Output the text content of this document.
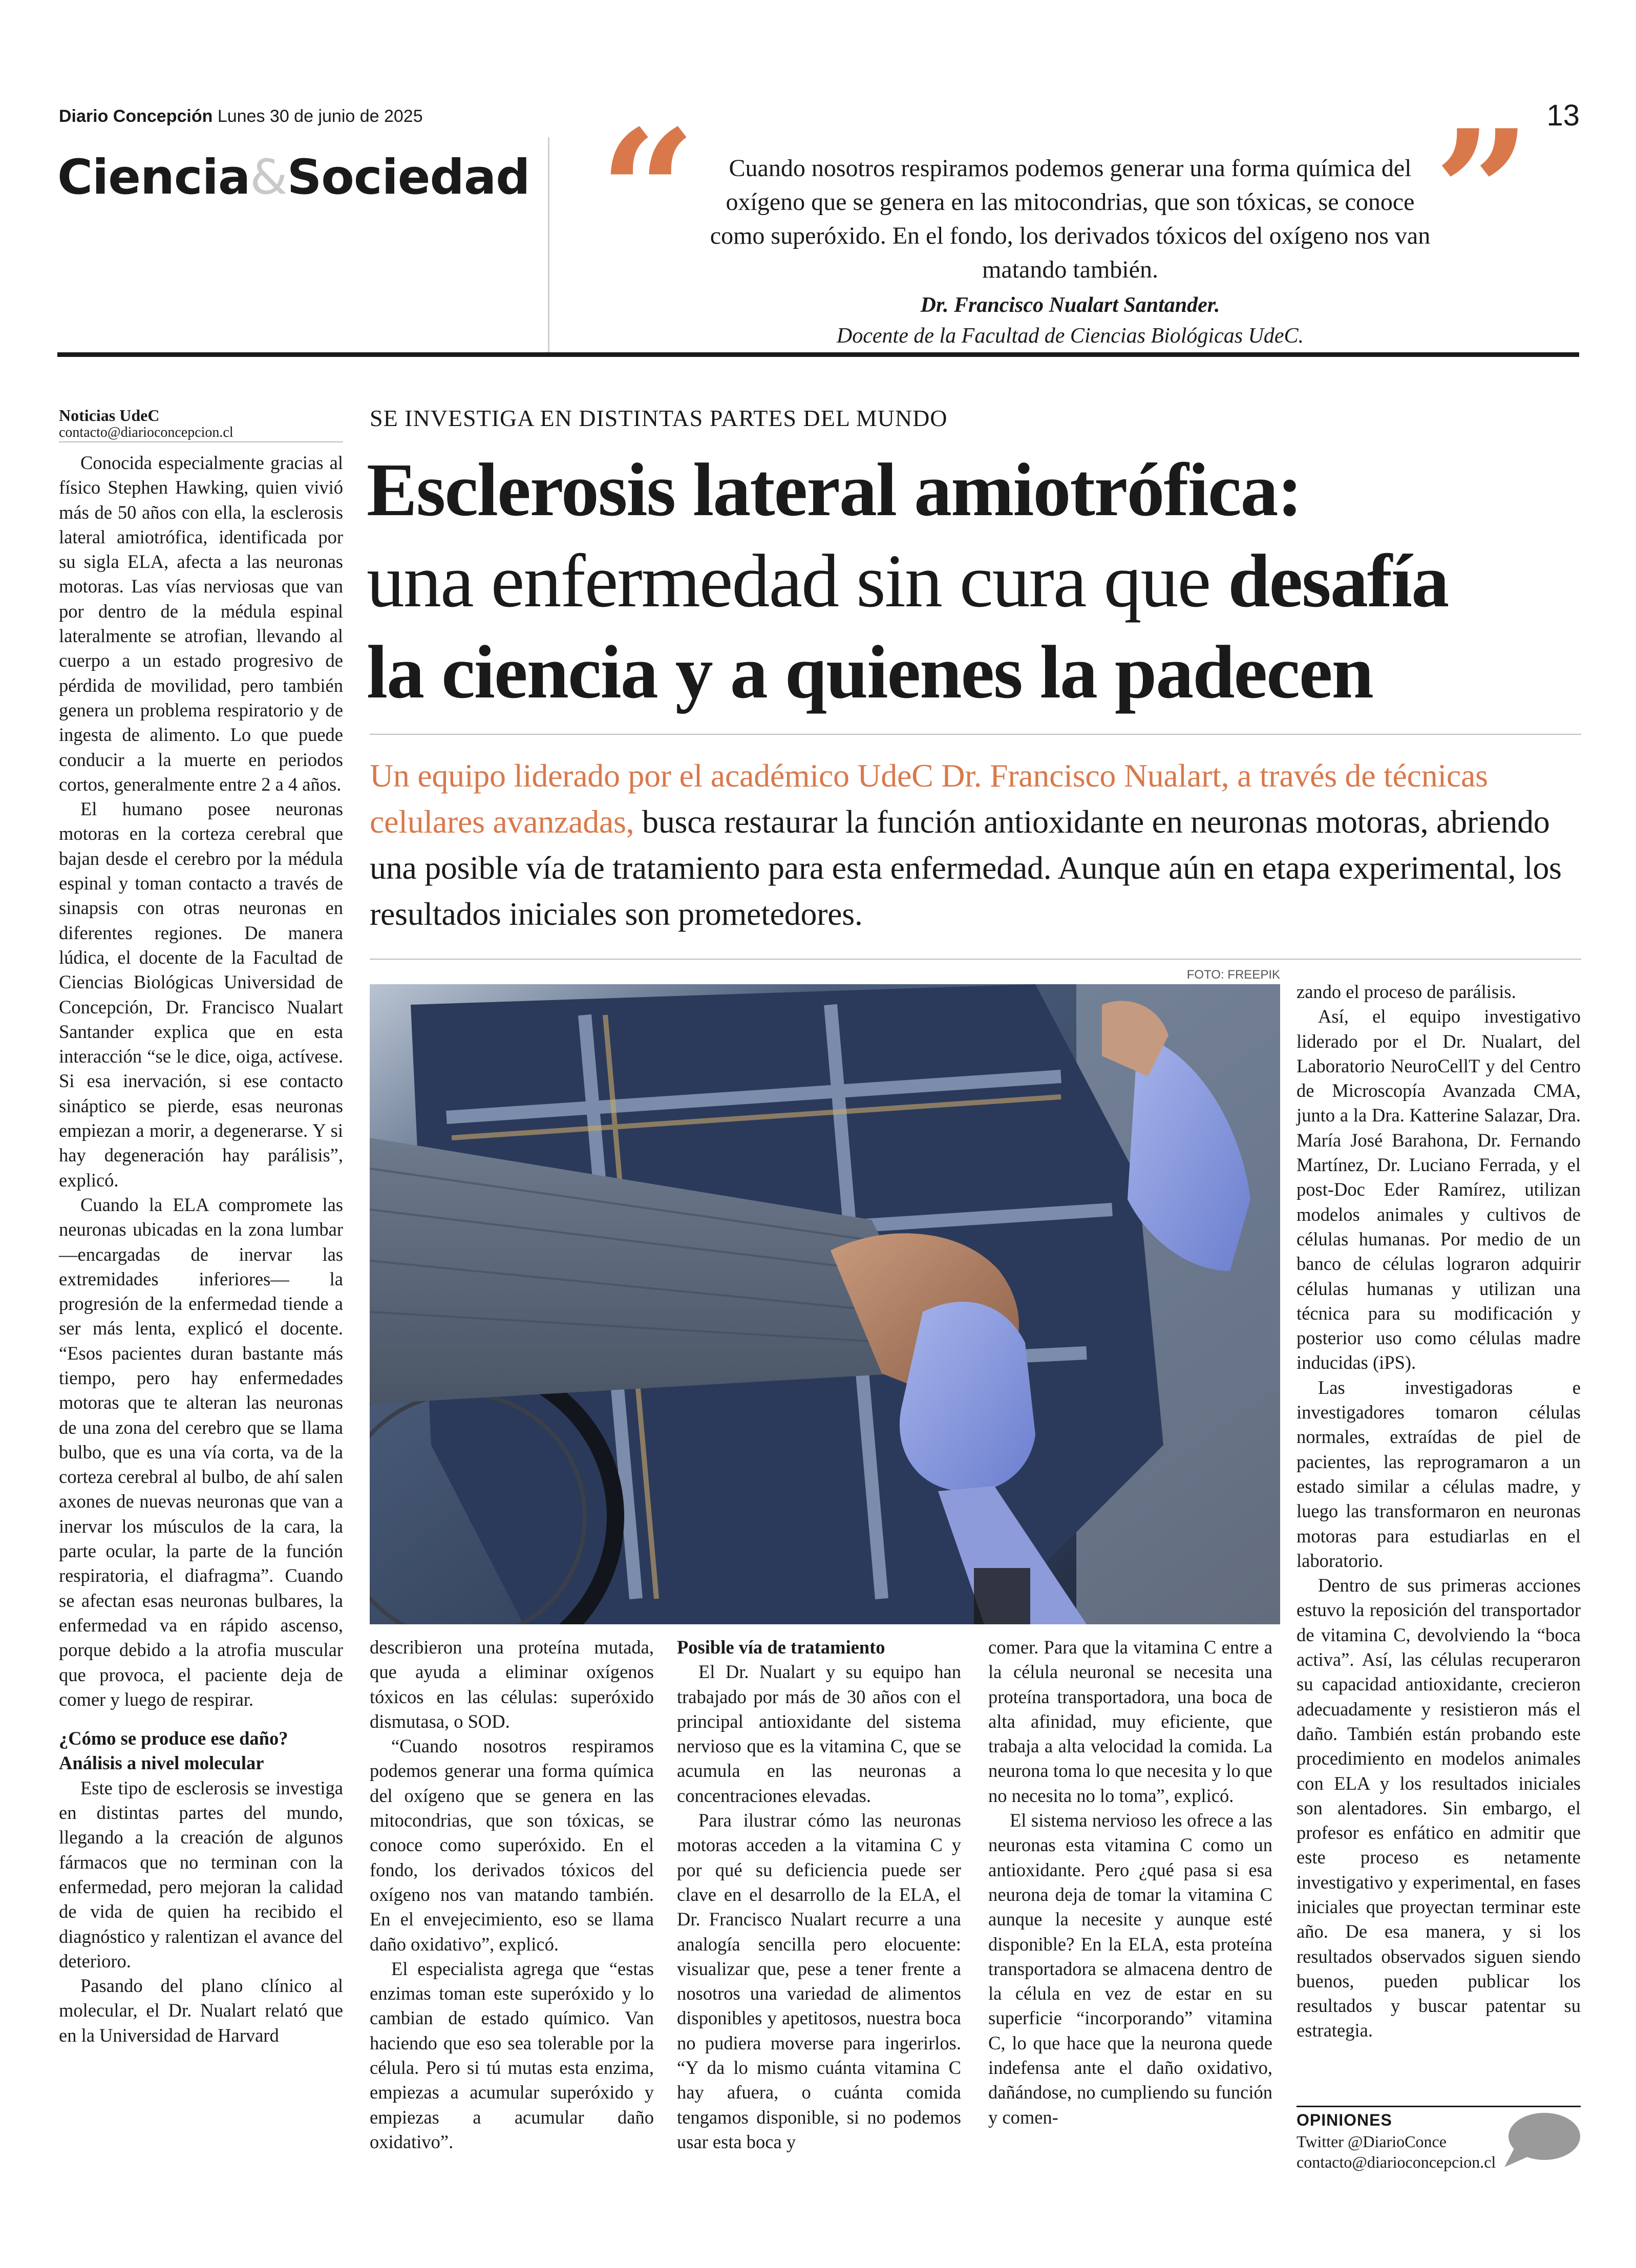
Diario Concepción Lunes 30 de junio de 2025	13
Ciencia&Sociedad “	”
Cuando nosotros respiramos podemos generar una forma química del oxígeno que se genera en las mitocondrias, que son tóxicas, se conoce como superóxido. En el fondo, los derivados tóxicos del oxígeno nos van matando también.
Dr. Francisco Nualart Santander.
Docente de la Facultad de Ciencias Biológicas UdeC.
Noticias UdeC
contacto@diarioconcepcion.cl
SE INVESTIGA EN DISTINTAS PARTES DEL MUNDO
Esclerosis lateral amiotrófica:
una enfermedad sin cura que desafía
la ciencia y a quienes la padecen
Un equipo liderado por el académico UdeC Dr. Francisco Nualart, a través de técnicas celulares avanzadas, busca restaurar la función antioxidante en neuronas motoras, abriendo una posible vía de tratamiento para esta enfermedad. Aunque aún en etapa experimental, los resultados iniciales son prometedores.
FOTO: FREEPIK

Conocida especialmente gracias al físico Stephen Hawking, quien vivió más de 50 años con ella, la esclerosis lateral amiotrófica, identificada por su sigla ELA, afecta a las neuronas motoras. Las vías nerviosas que van por dentro de la médula espinal lateralmente se atrofian, llevando al cuerpo a un estado progresivo de pérdida de movilidad, pero también genera un problema respiratorio y de ingesta de alimento. Lo que puede conducir a la muerte en periodos cortos, generalmente entre 2 a 4 años.

El humano posee neuronas motoras en la corteza cerebral que bajan desde el cerebro por la médula espinal y toman contacto a través de sinapsis con otras neuronas en diferentes regiones. De manera lúdica, el docente de la Facultad de Ciencias Biológicas Universidad de Concepción, Dr. Francisco Nualart Santander explica que en esta interacción “se le dice, oiga, actívese. Si esa inervación, si ese contacto sináptico se pierde, esas neuronas empiezan a morir, a degenerarse. Y si hay degeneración hay parálisis”, explicó.

Cuando la ELA compromete las neuronas ubicadas en la zona lumbar —encargadas de inervar las extremidades inferiores— la progresión de la enfermedad tiende a ser más lenta, explicó el docente. “Esos pacientes duran bastante más tiempo, pero hay enfermedades motoras que te alteran las neuronas de una zona del cerebro que se llama bulbo, que es una vía corta, va de la corteza cerebral al bulbo, de ahí salen axones de nuevas neuronas que van a inervar los músculos de la cara, la parte ocular, la parte de la función respiratoria, el diafragma”. Cuando se afectan esas neuronas bulbares, la enfermedad va en rápido ascenso, porque debido a la atrofia muscular que provoca, el paciente deja de comer y luego de respirar.

¿Cómo se produce ese daño?
Análisis a nivel molecular

Este tipo de esclerosis se investiga en distintas partes del mundo, llegando a la creación de algunos fármacos que no terminan con la enfermedad, pero mejoran la calidad de vida de quien ha recibido el diagnóstico y ralentizan el avance del deterioro.

Pasando del plano clínico al molecular, el Dr. Nualart relató que en la Universidad de Harvard

describieron una proteína mutada, que ayuda a eliminar oxígenos tóxicos en las células: superóxido dismutasa, o SOD.

“Cuando nosotros respiramos podemos generar una forma química del oxígeno que se genera en las mitocondrias, que son tóxicas, se conoce como superóxido. En el fondo, los derivados tóxicos del oxígeno nos van matando también. En el envejecimiento, eso se llama daño oxidativo”, explicó.

El especialista agrega que “estas enzimas toman este superóxido y lo cambian de estado químico. Van haciendo que eso sea tolerable por la célula. Pero si tú mutas esta enzima, empiezas a acumular superóxido y empiezas a acumular daño oxidativo”.

Posible vía de tratamiento

El Dr. Nualart y su equipo han trabajado por más de 30 años con el principal antioxidante del sistema nervioso que es la vitamina C, que se acumula en las neuronas a concentraciones elevadas.

Para ilustrar cómo las neuronas motoras acceden a la vitamina C y por qué su deficiencia puede ser clave en el desarrollo de la ELA, el Dr. Francisco Nualart recurre a una analogía sencilla pero elocuente: visualizar que, pese a tener frente a nosotros una variedad de alimentos disponibles y apetitosos, nuestra boca no pudiera moverse para ingerirlos. “Y da lo mismo cuánta vitamina C hay afuera, o cuánta comida tengamos disponible, si no podemos usar esta boca y

comer. Para que la vitamina C entre a la célula neuronal se necesita una proteína transportadora, una boca de alta afinidad, muy eficiente, que trabaja a alta velocidad la comida. La neurona toma lo que necesita y lo que no necesita no lo toma”, explicó.

El sistema nervioso les ofrece a las neuronas esta vitamina C como un antioxidante. Pero ¿qué pasa si esa neurona deja de tomar la vitamina C aunque la necesite y aunque esté disponible? En la ELA, esta proteína transportadora se almacena dentro de la célula en vez de estar en su superficie “incorporando” vitamina C, lo que hace que la neurona quede indefensa ante el daño oxidativo, dañándose, no cumpliendo su función y comen-

zando el proceso de parálisis.

Así, el equipo investigativo liderado por el Dr. Nualart, del Laboratorio NeuroCellT y del Centro de Microscopía Avanzada CMA, junto a la Dra. Katterine Salazar, Dra. María José Barahona, Dr. Fernando Martínez, Dr. Luciano Ferrada, y el post-Doc Eder Ramírez, utilizan modelos animales y cultivos de células humanas. Por medio de un banco de células lograron adquirir células humanas y utilizan una técnica para su modificación y posterior uso como células madre inducidas (iPS).

Las investigadoras e investigadores tomaron células normales, extraídas de piel de pacientes, las reprogramaron a un estado similar a células madre, y luego las transformaron en neuronas motoras para estudiarlas en el laboratorio.

Dentro de sus primeras acciones estuvo la reposición del transportador de vitamina C, devolviendo la “boca activa”. Así, las células recuperaron su capacidad antioxidante, crecieron adecuadamente y resistieron más el daño. También están probando este procedimiento en modelos animales con ELA y los resultados iniciales son alentadores. Sin embargo, el profesor es enfático en admitir que este proceso es netamente investigativo y experimental, en fases iniciales que proyectan terminar este año. De esa manera, y si los resultados observados siguen siendo buenos, pueden publicar los resultados y buscar patentar su estrategia.

OPINIONES
Twitter @DiarioConce
contacto@diarioconcepcion.cl
